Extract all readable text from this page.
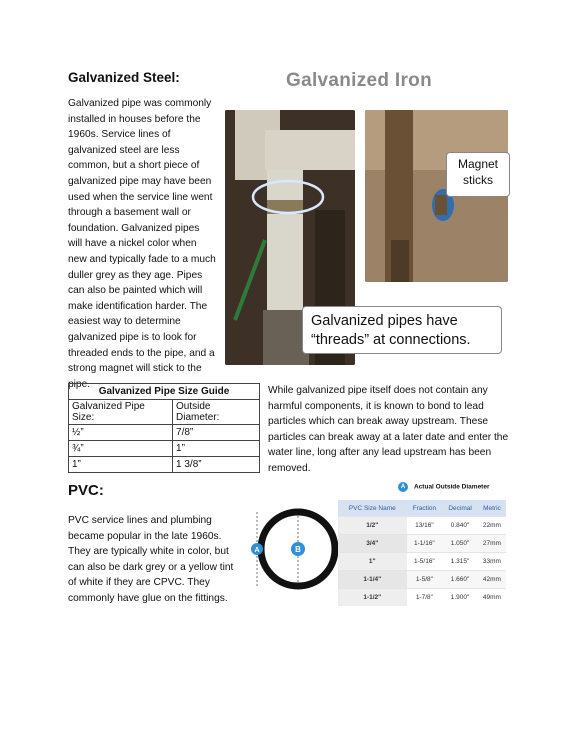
Galvanized Steel:
Galvanized pipe was commonly installed in houses before the 1960s. Service lines of galvanized steel are less common, but a short piece of galvanized pipe may have been used when the service line went through a basement wall or foundation. Galvanized pipes will have a nickel color when new and typically fade to a much duller grey as they age. Pipes can also be painted which will make identification harder. The easiest way to determine galvanized pipe is to look for threaded ends to the pipe, and a strong magnet will stick to the pipe.
Galvanized Iron
Magnet sticks
Galvanized pipes have “threads” at connections.
Galvanized Pipe Size Guide	
Galvanized Pipe Size:	Outside Diameter:
½”	7/8”
¾”	1”
1”	1 3/8”
While galvanized pipe itself does not contain any harmful components, it is known to bond to lead particles which can break away upstream. These particles can break away at a later date and enter the water line, long after any lead upstream has been removed.
PVC:
PVC service lines and plumbing became popular in the late 1960s. They are typically white in color, but can also be dark grey or a yellow tint of white if they are CPVC. They commonly have glue on the fittings.
A	B
A Actual Outside Diameter
PVC Size Name	Fraction	Decimal	Metric
1/2"	13/16"	0.840"	22mm
3/4"	1-1/16"	1.050"	27mm
1"	1-5/16"	1.315"	33mm
1-1/4"	1-5/8"	1.660"	42mm
1-1/2"	1-7/8"	1.900"	49mm
